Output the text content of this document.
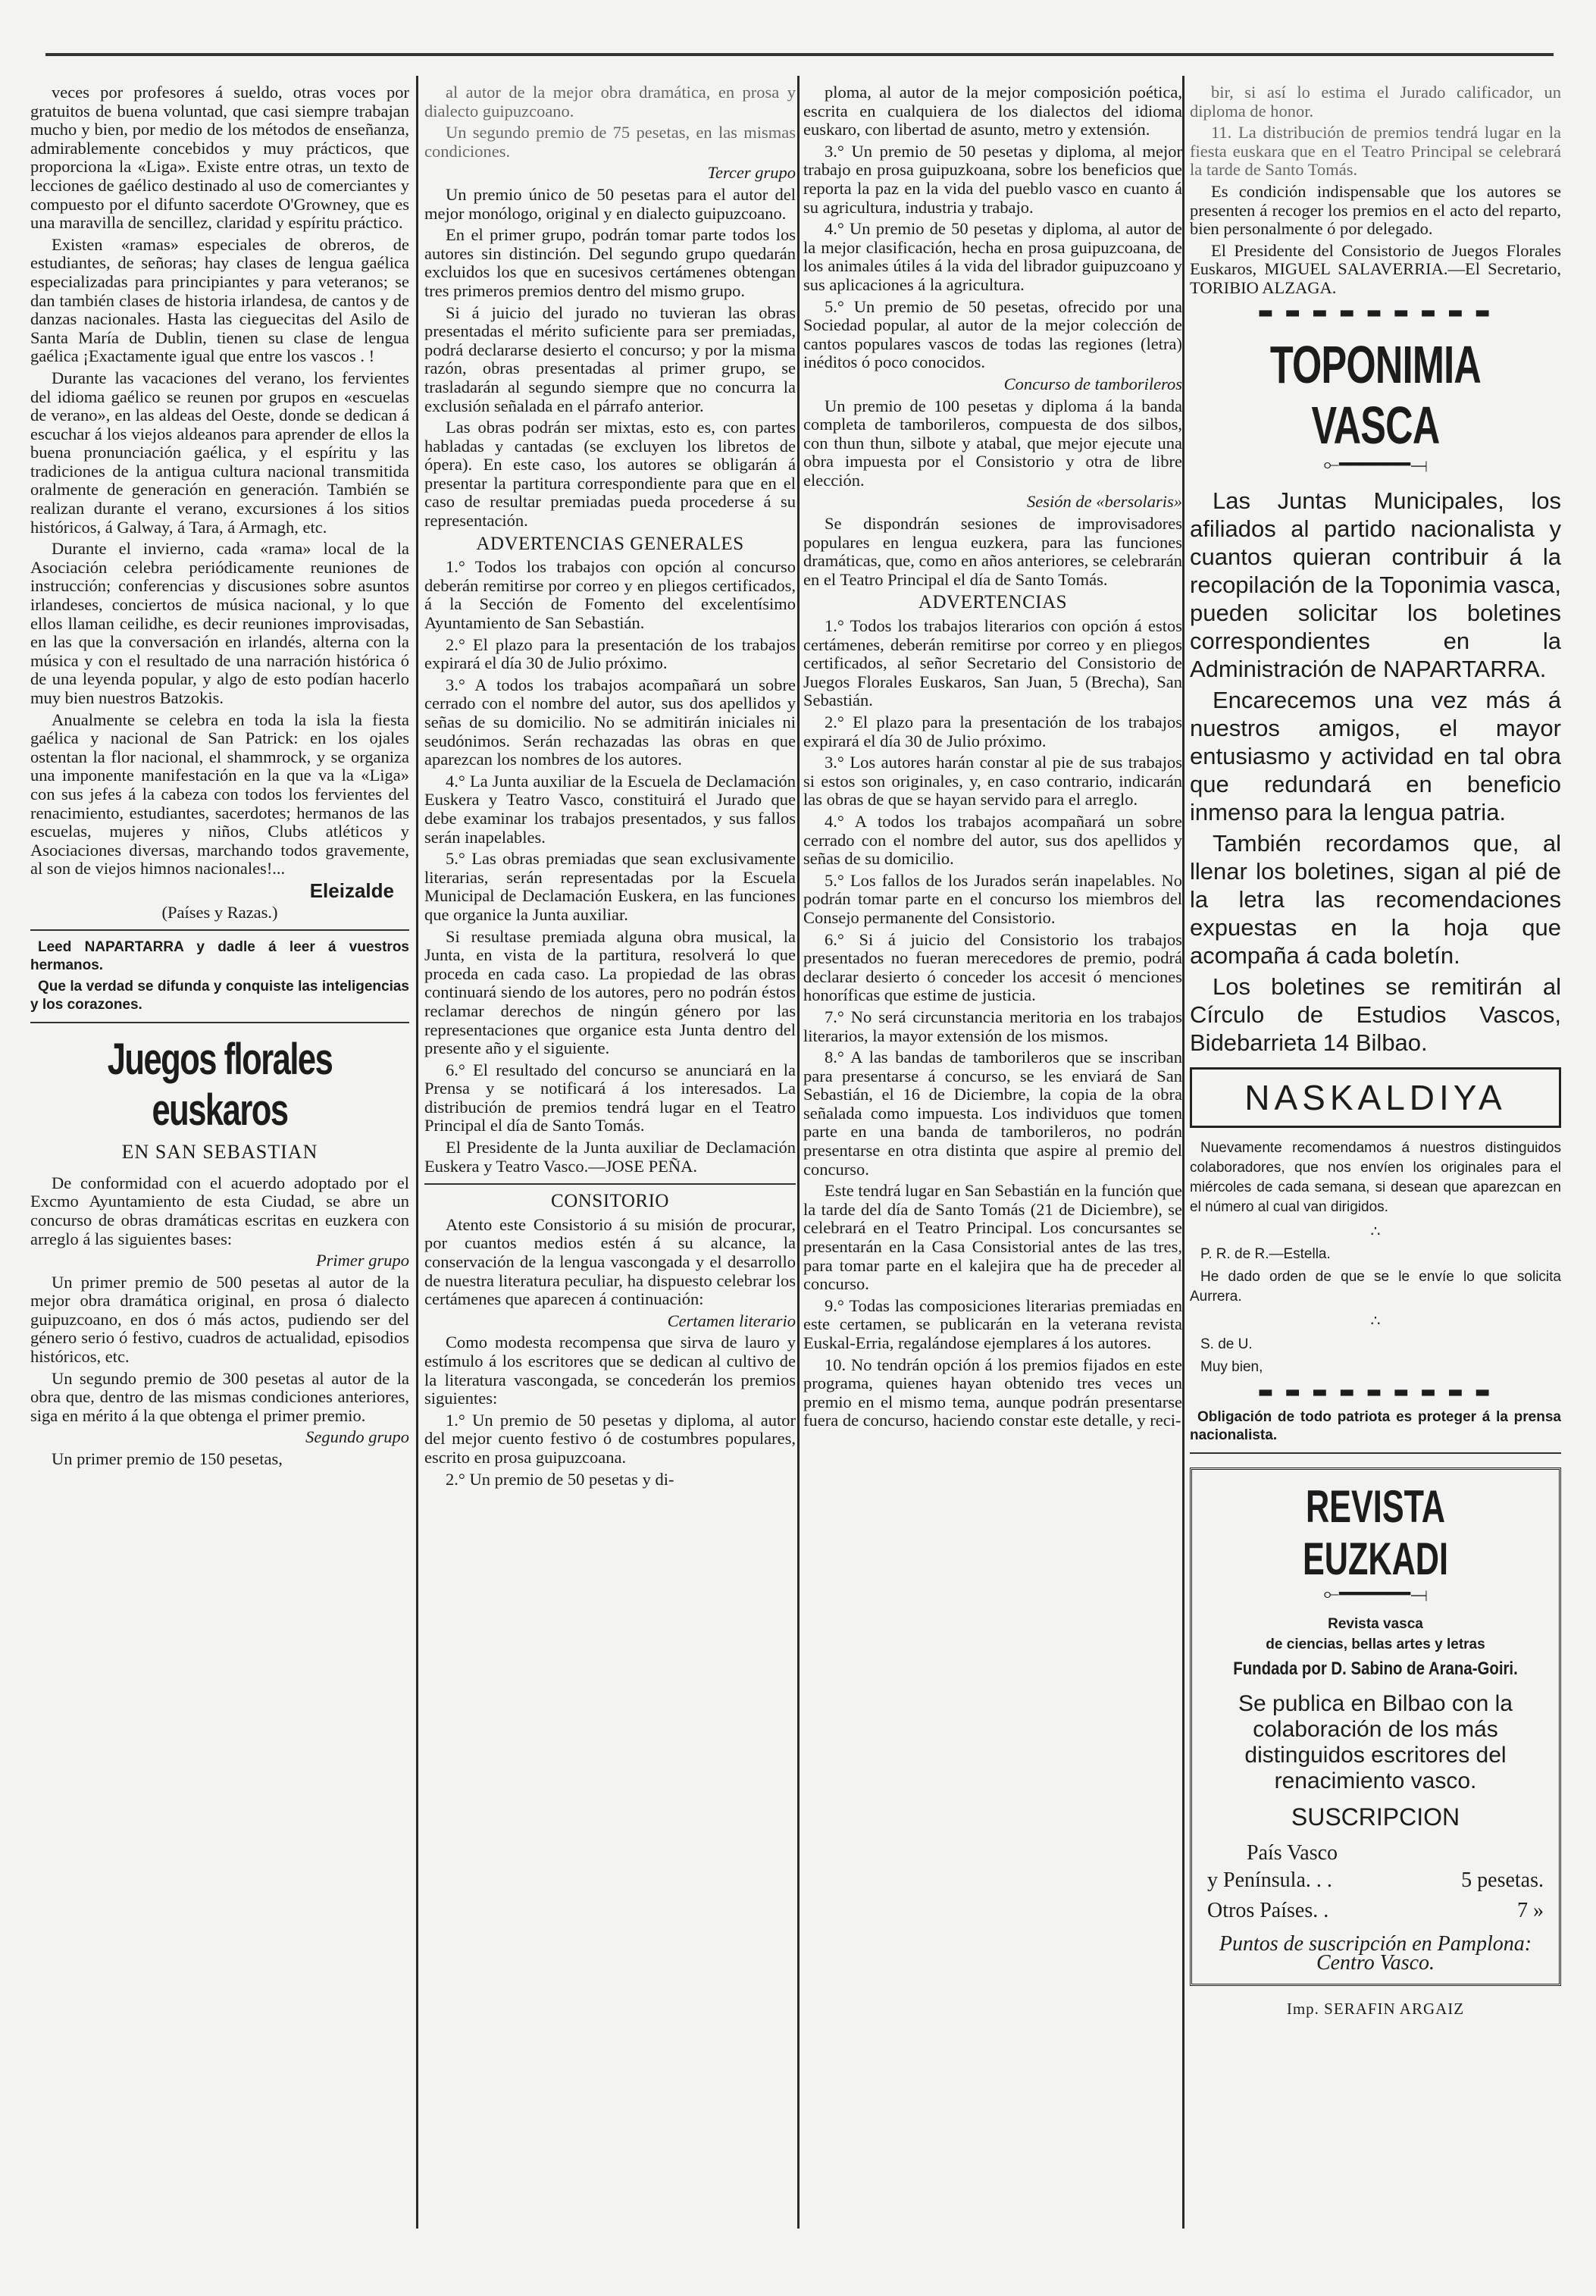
veces por profesores á sueldo, otras voces por gratuitos de buena voluntad, que casi siempre trabajan mucho y bien, por medio de los métodos de enseñanza, admirablemente concebidos y muy prácticos, que proporciona la «Liga». Existe entre otras, un texto de lecciones de gaélico destinado al uso de comerciantes y compuesto por el difunto sacerdote O'Growney, que es una maravilla de sencillez, claridad y espíritu práctico.

Existen «ramas» especiales de obreros, de estudiantes, de señoras; hay clases de lengua gaélica especializadas para principiantes y para veteranos; se dan también clases de historia irlandesa, de cantos y de danzas nacionales. Hasta las cieguecitas del Asilo de Santa María de Dublin, tienen su clase de lengua gaélica ¡Exactamente igual que entre los vascos . !

Durante las vacaciones del verano, los fervientes del idioma gaélico se reunen por grupos en «escuelas de verano», en las aldeas del Oeste, donde se dedican á escuchar á los viejos aldeanos para aprender de ellos la buena pronunciación gaélica, y el espíritu y las tradiciones de la antigua cultura nacional transmitida oralmente de generación en generación. También se realizan durante el verano, excursiones á los sitios históricos, á Galway, á Tara, á Armagh, etc.

Durante el invierno, cada «rama» local de la Asociación celebra periódicamente reuniones de instrucción; conferencias y discusiones sobre asuntos irlandeses, conciertos de música nacional, y lo que ellos llaman ceilidhe, es decir reuniones improvisadas, en las que la conversación en irlandés, alterna con la música y con el resultado de una narración histórica ó de una leyenda popular, y algo de esto podían hacerlo muy bien nuestros Batzokis.

Anualmente se celebra en toda la isla la fiesta gaélica y nacional de San Patrick: en los ojales ostentan la flor nacional, el shammrock, y se organiza una imponente manifestación en la que va la «Liga» con sus jefes á la cabeza con todos los fervientes del renacimiento, estudiantes, sacerdotes; hermanos de las escuelas, mujeres y niños, Clubs atléticos y Asociaciones diversas, marchando todos gravemente, al son de viejos himnos nacionales!...

Eleizalde

(Países y Razas.)

Leed NAPARTARRA y dadle á leer á vuestros hermanos.

Que la verdad se difunda y conquiste las inteligencias y los corazones.

Juegos florales euskaros

EN SAN SEBASTIAN

De conformidad con el acuerdo adoptado por el Excmo Ayuntamiento de esta Ciudad, se abre un concurso de obras dramáticas escritas en euzkera con arreglo á las siguientes bases:

Primer grupo

Un primer premio de 500 pesetas al autor de la mejor obra dramática original, en prosa ó dialecto guipuzcoano, en dos ó más actos, pudiendo ser del género serio ó festivo, cuadros de actualidad, episodios históricos, etc.

Un segundo premio de 300 pesetas al autor de la obra que, dentro de las mismas condiciones anteriores, siga en mérito á la que obtenga el primer premio.

Segundo grupo

Un primer premio de 150 pesetas,

al autor de la mejor obra dramática, en prosa y dialecto guipuzcoano.

Un segundo premio de 75 pesetas, en las mismas condiciones.

Tercer grupo

Un premio único de 50 pesetas para el autor del mejor monólogo, original y en dialecto guipuzcoano.

En el primer grupo, podrán tomar parte todos los autores sin distinción. Del segundo grupo quedarán excluidos los que en sucesivos certámenes obtengan tres primeros premios dentro del mismo grupo.

Si á juicio del jurado no tuvieran las obras presentadas el mérito suficiente para ser premiadas, podrá declararse desierto el concurso; y por la misma razón, obras presentadas al primer grupo, se trasladarán al segundo siempre que no concurra la exclusión señalada en el párrafo anterior.

Las obras podrán ser mixtas, esto es, con partes habladas y cantadas (se excluyen los libretos de ópera). En este caso, los autores se obligarán á presentar la partitura correspondiente para que en el caso de resultar premiadas pueda procederse á su representación.

ADVERTENCIAS GENERALES

1.° Todos los trabajos con opción al concurso deberán remitirse por correo y en pliegos certificados, á la Sección de Fomento del excelentísimo Ayuntamiento de San Sebastián.

2.° El plazo para la presentación de los trabajos expirará el día 30 de Julio próximo.

3.° A todos los trabajos acompañará un sobre cerrado con el nombre del autor, sus dos apellidos y señas de su domicilio. No se admitirán iniciales ni seudónimos. Serán rechazadas las obras en que aparezcan los nombres de los autores.

4.° La Junta auxiliar de la Escuela de Declamación Euskera y Teatro Vasco, constituirá el Jurado que debe examinar los trabajos presentados, y sus fallos serán inapelables.

5.° Las obras premiadas que sean exclusivamente literarias, serán representadas por la Escuela Municipal de Declamación Euskera, en las funciones que organice la Junta auxiliar.

Si resultase premiada alguna obra musical, la Junta, en vista de la partitura, resolverá lo que proceda en cada caso. La propiedad de las obras continuará siendo de los autores, pero no podrán éstos reclamar derechos de ningún género por las representaciones que organice esta Junta dentro del presente año y el siguiente.

6.° El resultado del concurso se anunciará en la Prensa y se notificará á los interesados. La distribución de premios tendrá lugar en el Teatro Principal el día de Santo Tomás.

El Presidente de la Junta auxiliar de Declamación Euskera y Teatro Vasco.—JOSE PEÑA.

CONSITORIO

Atento este Consistorio á su misión de procurar, por cuantos medios estén á su alcance, la conservación de la lengua vascongada y el desarrollo de nuestra literatura peculiar, ha dispuesto celebrar los certámenes que aparecen á continuación:

Certamen literario

Como modesta recompensa que sirva de lauro y estímulo á los escritores que se dedican al cultivo de la literatura vascongada, se concederán los premios siguientes:

1.° Un premio de 50 pesetas y diploma, al autor del mejor cuento festivo ó de costumbres populares, escrito en prosa guipuzcoana.

2.° Un premio de 50 pesetas y di-

ploma, al autor de la mejor composición poética, escrita en cualquiera de los dialectos del idioma euskaro, con libertad de asunto, metro y extensión.

3.° Un premio de 50 pesetas y diploma, al mejor trabajo en prosa guipuzkoana, sobre los beneficios que reporta la paz en la vida del pueblo vasco en cuanto á su agricultura, industria y trabajo.

4.° Un premio de 50 pesetas y diploma, al autor de la mejor clasificación, hecha en prosa guipuzcoana, de los animales útiles á la vida del librador guipuzcoano y sus aplicaciones á la agricultura.

5.° Un premio de 50 pesetas, ofrecido por una Sociedad popular, al autor de la mejor colección de cantos populares vascos de todas las regiones (letra) inéditos ó poco conocidos.

Concurso de tamborileros

Un premio de 100 pesetas y diploma á la banda completa de tamborileros, compuesta de dos silbos, con thun thun, silbote y atabal, que mejor ejecute una obra impuesta por el Consistorio y otra de libre elección.

Sesión de «bersolaris»

Se dispondrán sesiones de improvisadores populares en lengua euzkera, para las funciones dramáticas, que, como en años anteriores, se celebrarán en el Teatro Principal el día de Santo Tomás.

ADVERTENCIAS

1.° Todos los trabajos literarios con opción á estos certámenes, deberán remitirse por correo y en pliegos certificados, al señor Secretario del Consistorio de Juegos Florales Euskaros, San Juan, 5 (Brecha), San Sebastián.

2.° El plazo para la presentación de los trabajos expirará el día 30 de Julio próximo.

3.° Los autores harán constar al pie de sus trabajos si estos son originales, y, en caso contrario, indicarán las obras de que se hayan servido para el arreglo.

4.° A todos los trabajos acompañará un sobre cerrado con el nombre del autor, sus dos apellidos y señas de su domicilio.

5.° Los fallos de los Jurados serán inapelables. No podrán tomar parte en el concurso los miembros del Consejo permanente del Consistorio.

6.° Si á juicio del Consistorio los trabajos presentados no fueran merecedores de premio, podrá declarar desierto ó conceder los accesit ó menciones honoríficas que estime de justicia.

7.° No será circunstancia meritoria en los trabajos literarios, la mayor extensión de los mismos.

8.° A las bandas de tamborileros que se inscriban para presentarse á concurso, se les enviará de San Sebastián, el 16 de Diciembre, la copia de la obra señalada como impuesta. Los individuos que tomen parte en una banda de tamborileros, no podrán presentarse en otra distinta que aspire al premio del concurso.

Este tendrá lugar en San Sebastián en la función que la tarde del día de Santo Tomás (21 de Diciembre), se celebrará en el Teatro Principal. Los concursantes se presentarán en la Casa Consistorial antes de las tres, para tomar parte en el kalejira que ha de preceder al concurso.

9.° Todas las composiciones literarias premiadas en este certamen, se publicarán en la veterana revista Euskal-Erria, regalándose ejemplares á los autores.

10. No tendrán opción á los premios fijados en este programa, quienes hayan obtenido tres veces un premio en el mismo tema, aunque podrán presentarse fuera de concurso, haciendo constar este detalle, y reci-

bir, si así lo estima el Jurado calificador, un diploma de honor.

11. La distribución de premios tendrá lugar en la fiesta euskara que en el Teatro Principal se celebrará la tarde de Santo Tomás.

Es condición indispensable que los autores se presenten á recoger los premios en el acto del reparto, bien personalmente ó por delegado.

El Presidente del Consistorio de Juegos Florales Euskaros, MIGUEL SALAVERRIA.—El Secretario, TORIBIO ALZAGA.

▬ ▬ ▬ ▬ ▬ ▬ ▬ ▬ ▬

TOPONIMIA VASCA

⟜━━━━━━⟞

Las Juntas Municipales, los afiliados al partido nacionalista y cuantos quieran contribuir á la recopilación de la Toponimia vasca, pueden solicitar los boletines correspondientes en la Administración de NAPARTARRA.

Encarecemos una vez más á nuestros amigos, el mayor entusiasmo y actividad en tal obra que redundará en beneficio inmenso para la lengua patria.

También recordamos que, al llenar los boletines, sigan al pié de la letra las recomendaciones expuestas en la hoja que acompaña á cada boletín.

Los boletines se remitirán al Círculo de Estudios Vascos, Bidebarrieta 14 Bilbao.

NASKALDIYA

Nuevamente recomendamos á nuestros distinguidos colaboradores, que nos envíen los originales para el miércoles de cada semana, si desean que aparezcan en el número al cual van dirigidos.

∴

P. R. de R.—Estella.

He dado orden de que se le envíe lo que solicita Aurrera.

∴

S. de U.

Muy bien,

▬ ▬ ▬ ▬ ▬ ▬ ▬ ▬ ▬

Obligación de todo patriota es proteger á la prensa nacionalista.

REVISTA EUZKADI

⟜━━━━━━⟞

Revista vasca

de ciencias, bellas artes y letras

Fundada por D. Sabino de Arana-Goiri.

Se publica en Bilbao con la colaboración de los más distinguidos escritores del renacimiento vasco.

SUSCRIPCION

País Vasco
y Península. . .	5 pesetas.
Otros Países. .	7 »

Puntos de suscripción en Pamplona: Centro Vasco.

Imp. SERAFIN ARGAIZ
